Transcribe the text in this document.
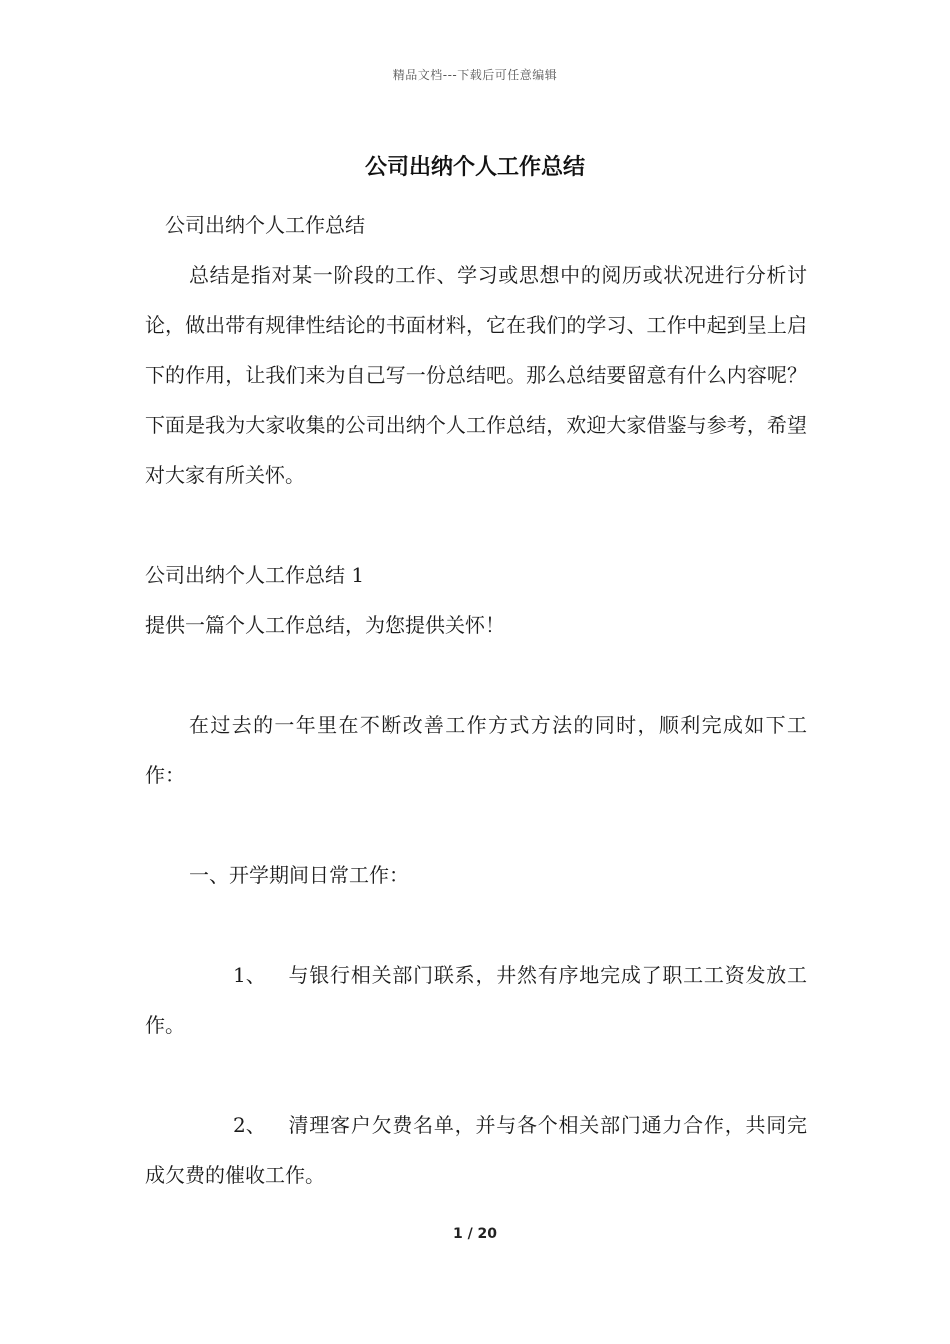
精品文档---下载后可任意编辑
公司出纳个人工作总结

公司出纳个人工作总结

总结是指对某一阶段的工作、学习或思想中的阅历或状况进行分析讨论，做出带有规律性结论的书面材料，它在我们的学习、工作中起到呈上启下的作用，让我们来为自己写一份总结吧。那么总结要留意有什么内容呢？下面是我为大家收集的公司出纳个人工作总结，欢迎大家借鉴与参考，希望对大家有所关怀。

公司出纳个人工作总结 1

提供一篇个人工作总结，为您提供关怀！

在过去的一年里在不断改善工作方式方法的同时，顺利完成如下工作：

一、开学期间日常工作：

1、 与银行相关部门联系，井然有序地完成了职工工资发放工作。

2、 清理客户欠费名单，并与各个相关部门通力合作，共同完成欠费的催收工作。

1 / 20
